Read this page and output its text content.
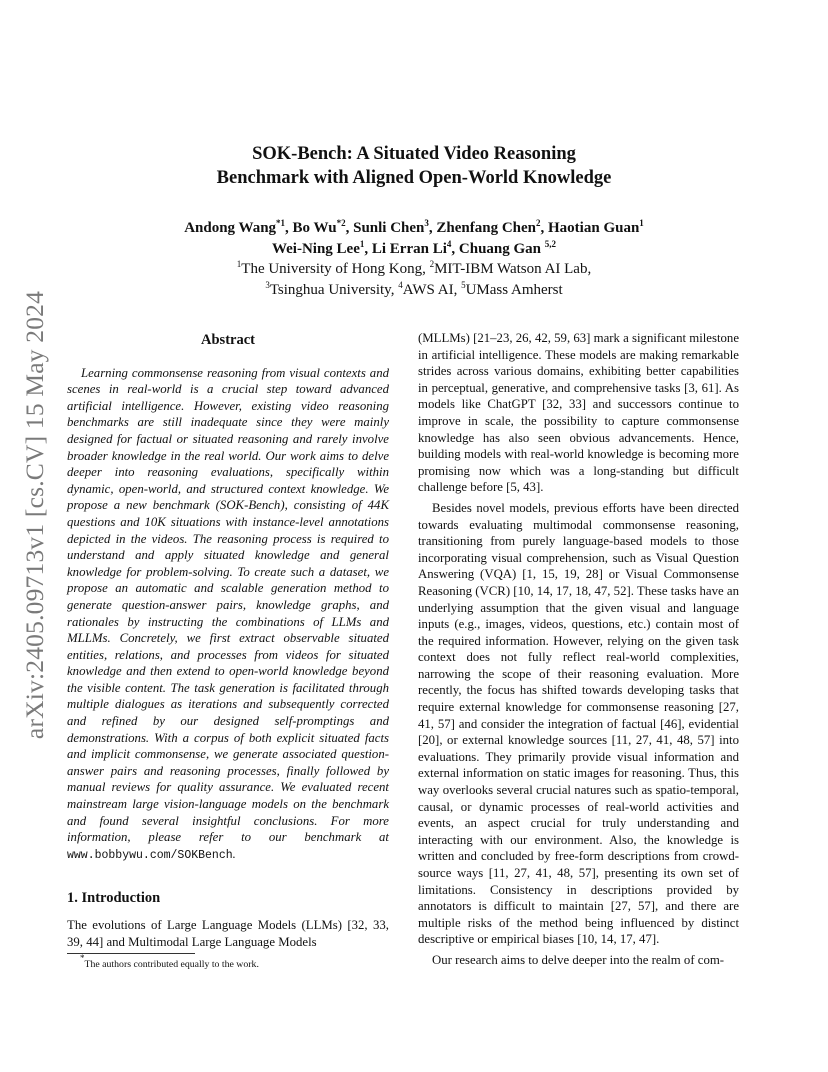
arXiv:2405.09713v1 [cs.CV] 15 May 2024
SOK-Bench: A Situated Video Reasoning
Benchmark with Aligned Open-World Knowledge
Andong Wang$^{*1}$, Bo Wu$^{*2}$, Sunli Chen$^3$, Zhenfang Chen$^2$, Haotian Guan$^1$
Wei-Ning Lee$^1$, Li Erran Li$^4$, Chuang Gan $^{5,2}$
$^1$The University of Hong Kong, $^2$MIT-IBM Watson AI Lab,
$^3$Tsinghua University, $^4$AWS AI, $^5$UMass Amherst
Abstract

Learning commonsense reasoning from visual contexts and scenes in real-world is a crucial step toward advanced artificial intelligence. However, existing video reasoning benchmarks are still inadequate since they were mainly designed for factual or situated reasoning and rarely involve broader knowledge in the real world. Our work aims to delve deeper into reasoning evaluations, specifically within dynamic, open-world, and structured context knowledge. We propose a new benchmark (SOK-Bench), consisting of 44K questions and 10K situations with instance-level annotations depicted in the videos. The reasoning process is required to understand and apply situated knowledge and general knowledge for problem-solving. To create such a dataset, we propose an automatic and scalable generation method to generate question-answer pairs, knowledge graphs, and rationales by instructing the combinations of LLMs and MLLMs. Concretely, we first extract observable situated entities, relations, and processes from videos for situated knowledge and then extend to open-world knowledge beyond the visible content. The task generation is facilitated through multiple dialogues as iterations and subsequently corrected and refined by our designed self-promptings and demonstrations. With a corpus of both explicit situated facts and implicit commonsense, we generate associated question-answer pairs and reasoning processes, finally followed by manual reviews for quality assurance. We evaluated recent mainstream large vision-language models on the benchmark and found several insightful conclusions. For more information, please refer to our benchmark at www.bobbywu.com/SOKBench.

1. Introduction

The evolutions of Large Language Models (LLMs) [32, 33, 39, 44] and Multimodal Large Language Models

*The authors contributed equally to the work.

(MLLMs) [21–23, 26, 42, 59, 63] mark a significant milestone in artificial intelligence. These models are making remarkable strides across various domains, exhibiting better capabilities in perceptual, generative, and comprehensive tasks [3, 61]. As models like ChatGPT [32, 33] and successors continue to improve in scale, the possibility to capture commonsense knowledge has also seen obvious advancements. Hence, building models with real-world knowledge is becoming more promising now which was a long-standing but difficult challenge before [5, 43].

Besides novel models, previous efforts have been directed towards evaluating multimodal commonsense reasoning, transitioning from purely language-based models to those incorporating visual comprehension, such as Visual Question Answering (VQA) [1, 15, 19, 28] or Visual Commonsense Reasoning (VCR) [10, 14, 17, 18, 47, 52]. These tasks have an underlying assumption that the given visual and language inputs (e.g., images, videos, questions, etc.) contain most of the required information. However, relying on the given task context does not fully reflect real-world complexities, narrowing the scope of their reasoning evaluation. More recently, the focus has shifted towards developing tasks that require external knowledge for commonsense reasoning [27, 41, 57] and consider the integration of factual [46], evidential [20], or external knowledge sources [11, 27, 41, 48, 57] into evaluations. They primarily provide visual information and external information on static images for reasoning. Thus, this way overlooks several crucial natures such as spatio-temporal, causal, or dynamic processes of real-world activities and events, an aspect crucial for truly understanding and interacting with our environment. Also, the knowledge is written and concluded by free-form descriptions from crowd-source ways [11, 27, 41, 48, 57], presenting its own set of limitations. Consistency in descriptions provided by annotators is difficult to maintain [27, 57], and there are multiple risks of the method being influenced by distinct descriptive or empirical biases [10, 14, 17, 47].

Our research aims to delve deeper into the realm of com-
